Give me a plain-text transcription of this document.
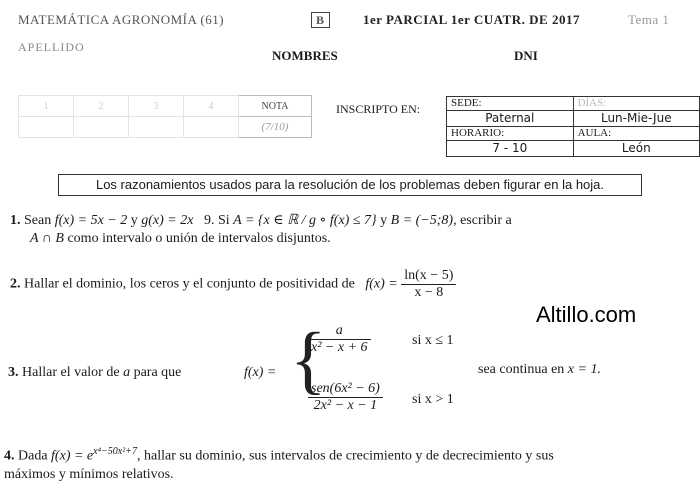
MATEMÁTICA AGRONOMÍA (61)	B	1er PARCIAL 1er CUATR. DE 2017	Tema 1
APELLIDO
NOMBRES	DNI
1	2	3	4	NOTA
				(7/10)
INSCRIPTO EN:	SEDE:	DÍAS:
Paternal	Lun-Mie-Jue
HORARIO:	AULA:
7 - 10	León
Los razonamientos usados para la resolución de los problemas deben figurar en la hoja.
1. Sean f(x) = 5x − 2 y g(x) = 2x 9. Si A = {x ∈ ℝ / g ∘ f(x) ≤ 7} y B = (−5;8), escribir a
A ∩ B como intervalo o unión de intervalos disjuntos.
2. Hallar el dominio, los ceros y el conjunto de positividad de $f(x) = \frac{\ln(x - 5)}{x - 8}$
3. Hallar el valor de a para que	f(x) = {
$\frac{a}{\text{x² − x + 6}}$	si x ≤ 1
$\frac{\text{sen(6x² − 6)}}{\text{2x² − x − 1}}$ si x > 1
sea continua en x = 1.
4. Dada $f(x) = e^{x^4-50x^2+7}$, hallar su dominio, sus intervalos de crecimiento y de decrecimiento y sus
máximos y mínimos relativos.
Altillo.com
